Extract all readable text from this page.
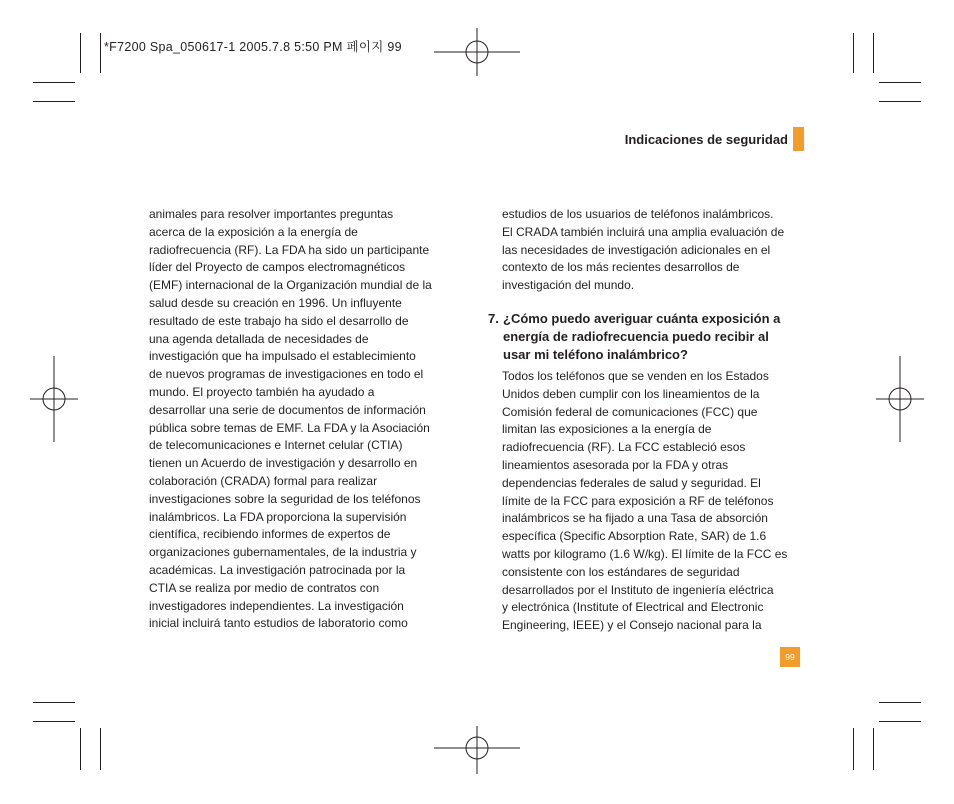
*F7200 Spa_050617-1 2005.7.8 5:50 PM 페이지 99
Indicaciones de seguridad
animales para resolver importantes preguntas
acerca de la exposición a la energía de
radiofrecuencia (RF). La FDA ha sido un participante
líder del Proyecto de campos electromagnéticos
(EMF) internacional de la Organización mundial de la
salud desde su creación en 1996. Un influyente
resultado de este trabajo ha sido el desarrollo de
una agenda detallada de necesidades de
investigación que ha impulsado el establecimiento
de nuevos programas de investigaciones en todo el
mundo. El proyecto también ha ayudado a
desarrollar una serie de documentos de información
pública sobre temas de EMF. La FDA y la Asociación
de telecomunicaciones e Internet celular (CTIA)
tienen un Acuerdo de investigación y desarrollo en
colaboración (CRADA) formal para realizar
investigaciones sobre la seguridad de los teléfonos
inalámbricos. La FDA proporciona la supervisión
científica, recibiendo informes de expertos de
organizaciones gubernamentales, de la industria y
académicas. La investigación patrocinada por la
CTIA se realiza por medio de contratos con
investigadores independientes. La investigación
inicial incluirá tanto estudios de laboratorio como
estudios de los usuarios de teléfonos inalámbricos.
El CRADA también incluirá una amplia evaluación de
las necesidades de investigación adicionales en el
contexto de los más recientes desarrollos de
investigación del mundo.
7. ¿Cómo puedo averiguar cuánta exposición a
energía de radiofrecuencia puedo recibir al
usar mi teléfono inalámbrico?
Todos los teléfonos que se venden en los Estados
Unidos deben cumplir con los lineamientos de la
Comisión federal de comunicaciones (FCC) que
limitan las exposiciones a la energía de
radiofrecuencia (RF). La FCC estableció esos
lineamientos asesorada por la FDA y otras
dependencias federales de salud y seguridad. El
límite de la FCC para exposición a RF de teléfonos
inalámbricos se ha fijado a una Tasa de absorción
específica (Specific Absorption Rate, SAR) de 1.6
watts por kilogramo (1.6 W/kg). El límite de la FCC es
consistente con los estándares de seguridad
desarrollados por el Instituto de ingeniería eléctrica
y electrónica (Institute of Electrical and Electronic
Engineering, IEEE) y el Consejo nacional para la
99
